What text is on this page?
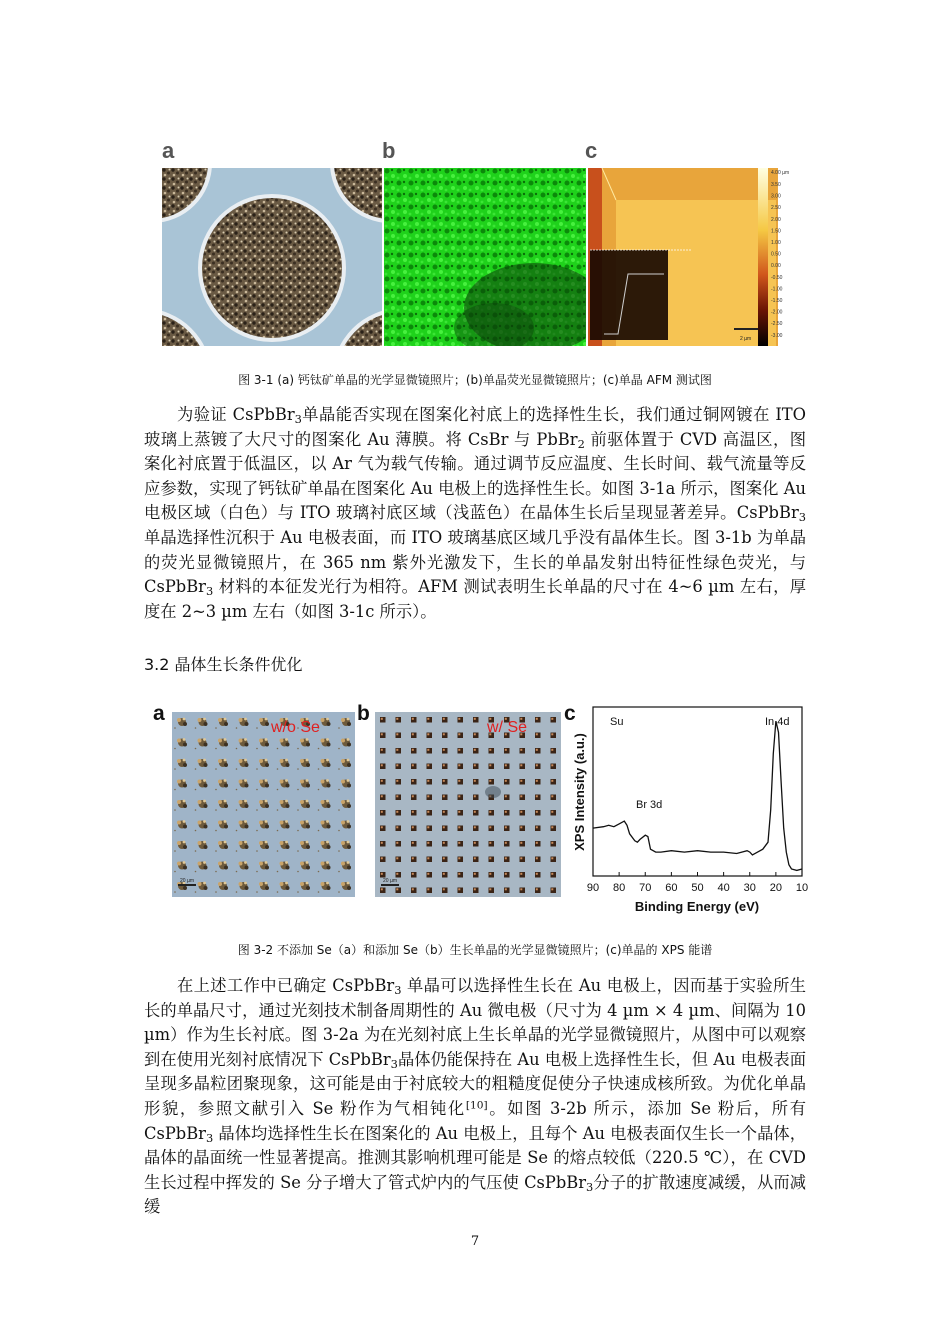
a	b	c
2 µm
3.50
3.00
2.50
2.00
1.50
1.00
0.50
0.00
-0.50
-1.00
-1.50
-2.00
-2.50
-3.00
4.00 µm
图 3-1 (a) 钙钛矿单晶的光学显微镜照片；(b)单晶荧光显微镜照片；(c)单晶 AFM 测试图

为验证 CsPbBr$_3$单晶能否实现在图案化衬底上的选择性生长，我们通过铜网镀在 ITO 玻璃上蒸镀了大尺寸的图案化 Au 薄膜。将 CsBr 与 PbBr$_2$ 前驱体置于 CVD 高温区，图案化衬底置于低温区，以 Ar 气为载气传输。通过调节反应温度、生长时间、载气流量等反应参数，实现了钙钛矿单晶在图案化 Au 电极上的选择性生长。如图 3-1a 所示，图案化 Au 电极区域（白色）与 ITO 玻璃衬底区域（浅蓝色）在晶体生长后呈现显著差异。CsPbBr$_3$ 单晶选择性沉积于 Au 电极表面，而 ITO 玻璃基底区域几乎没有晶体生长。图 3-1b 为单晶的荧光显微镜照片，在 365 nm 紫外光激发下，生长的单晶发射出特征性绿色荧光，与 CsPbBr$_3$ 材料的本征发光行为相符。AFM 测试表明生长单晶的尺寸在 4~6 µm 左右，厚度在 2~3 µm 左右（如图 3-1c 所示）。

3.2 晶体生长条件优化
a	b	c
20 µm
w/o Se
20 µm
w/ Se
90 80 70 60 50 40 30 20 10
Su	In 4d
Br 3d
Binding Energy (eV)
XPS Intensity (a.u.)
图 3-2 不添加 Se（a）和添加 Se（b）生长单晶的光学显微镜照片；(c)单晶的 XPS 能谱

在上述工作中已确定 CsPbBr$_3$ 单晶可以选择性生长在 Au 电极上，因而基于实验所生长的单晶尺寸，通过光刻技术制备周期性的 Au 微电极（尺寸为 4 µm × 4 µm、间隔为 10 µm）作为生长衬底。图 3-2a 为在光刻衬底上生长单晶的光学显微镜照片，从图中可以观察到在使用光刻衬底情况下 CsPbBr$_3$晶体仍能保持在 Au 电极上选择性生长，但 Au 电极表面呈现多晶粒团聚现象，这可能是由于衬底较大的粗糙度促使分子快速成核所致。为优化单晶形貌，参照文献引入 Se 粉作为气相钝化[10]。如图 3-2b 所示，添加 Se 粉后，所有 CsPbBr$_3$ 晶体均选择性生长在图案化的 Au 电极上，且每个 Au 电极表面仅生长一个晶体，晶体的晶面统一性显著提高。推测其影响机理可能是 Se 的熔点较低（220.5 ℃），在 CVD 生长过程中挥发的 Se 分子增大了管式炉内的气压使 CsPbBr$_3$分子的扩散速度减缓，从而减缓

7
